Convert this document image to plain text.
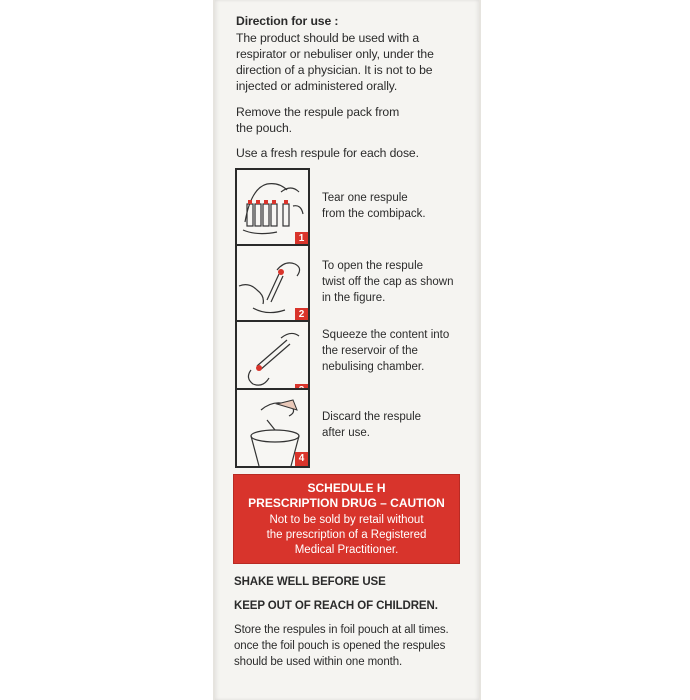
Direction for use :
The product should be used with a
respirator or nebuliser only, under the
direction of a physician. It is not to be
injected or administered orally.
Remove the respule pack from
the pouch.
Use a fresh respule for each dose.
1
Tear one respule
from the combipack.
2
To open the respule
twist off the cap as shown
in the figure.
Squeeze the content into
the reservoir of the
nebulising chamber.
4
Discard the respule
after use.
SCHEDULE H
PRESCRIPTION DRUG – CAUTION
Not to be sold by retail without
the prescription of a Registered
Medical Practitioner.
SHAKE WELL BEFORE USE
KEEP OUT OF REACH OF CHILDREN.
Store the respules in foil pouch at all times.
once the foil pouch is opened the respules
should be used within one month.
